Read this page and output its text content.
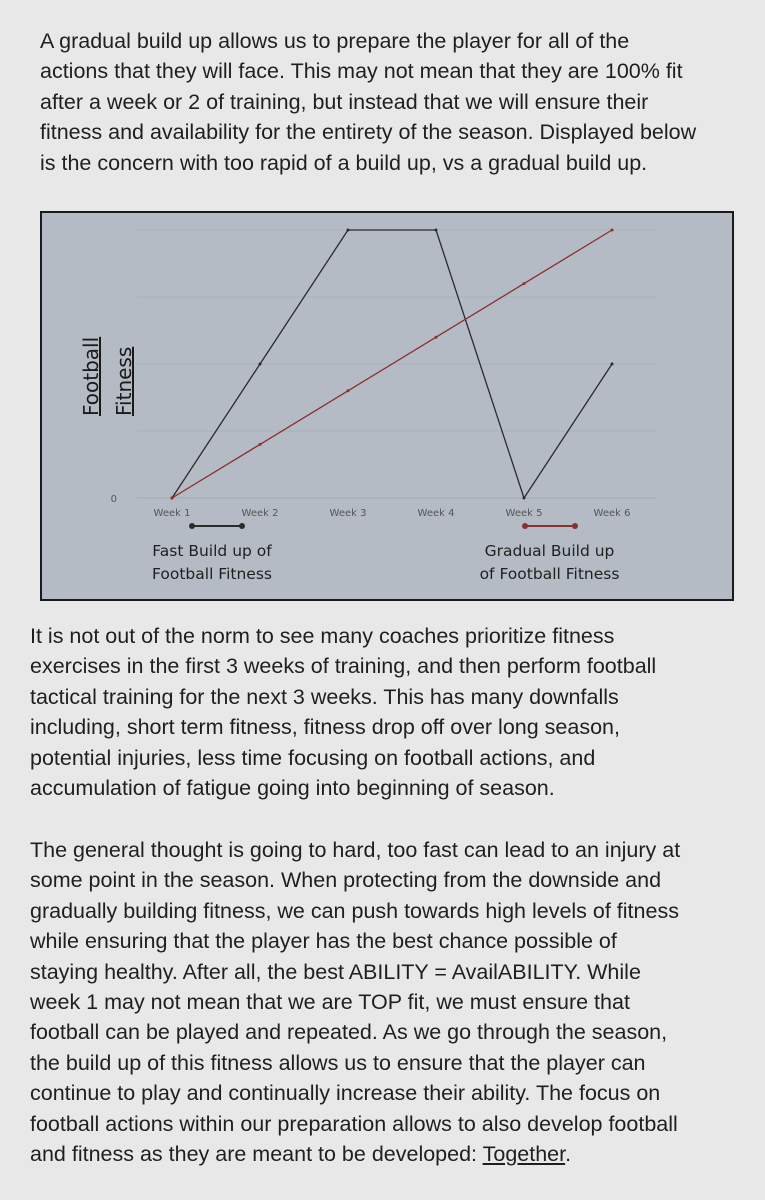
A gradual build up allows us to prepare the player for all of the
actions that they will face. This may not mean that they are 100% fit
after a week or 2 of training, but instead that we will ensure their
fitness and availability for the entirety of the season. Displayed below
is the concern with too rapid of a build up, vs a gradual build up.

0
Week 1	Week 2	Week 3	Week 4	Week 5	Week 6
Football Fitness
Fast Build up of
Football Fitness
Gradual Build up
of Football Fitness

It is not out of the norm to see many coaches prioritize fitness
exercises in the first 3 weeks of training, and then perform football
tactical training for the next 3 weeks. This has many downfalls
including, short term fitness, fitness drop off over long season,
potential injuries, less time focusing on football actions, and
accumulation of fatigue going into beginning of season.

The general thought is going to hard, too fast can lead to an injury at
some point in the season. When protecting from the downside and
gradually building fitness, we can push towards high levels of fitness
while ensuring that the player has the best chance possible of
staying healthy. After all, the best ABILITY = AvailABILITY. While
week 1 may not mean that we are TOP fit, we must ensure that
football can be played and repeated. As we go through the season,
the build up of this fitness allows us to ensure that the player can
continue to play and continually increase their ability. The focus on
football actions within our preparation allows to also develop football
and fitness as they are meant to be developed: Together.
